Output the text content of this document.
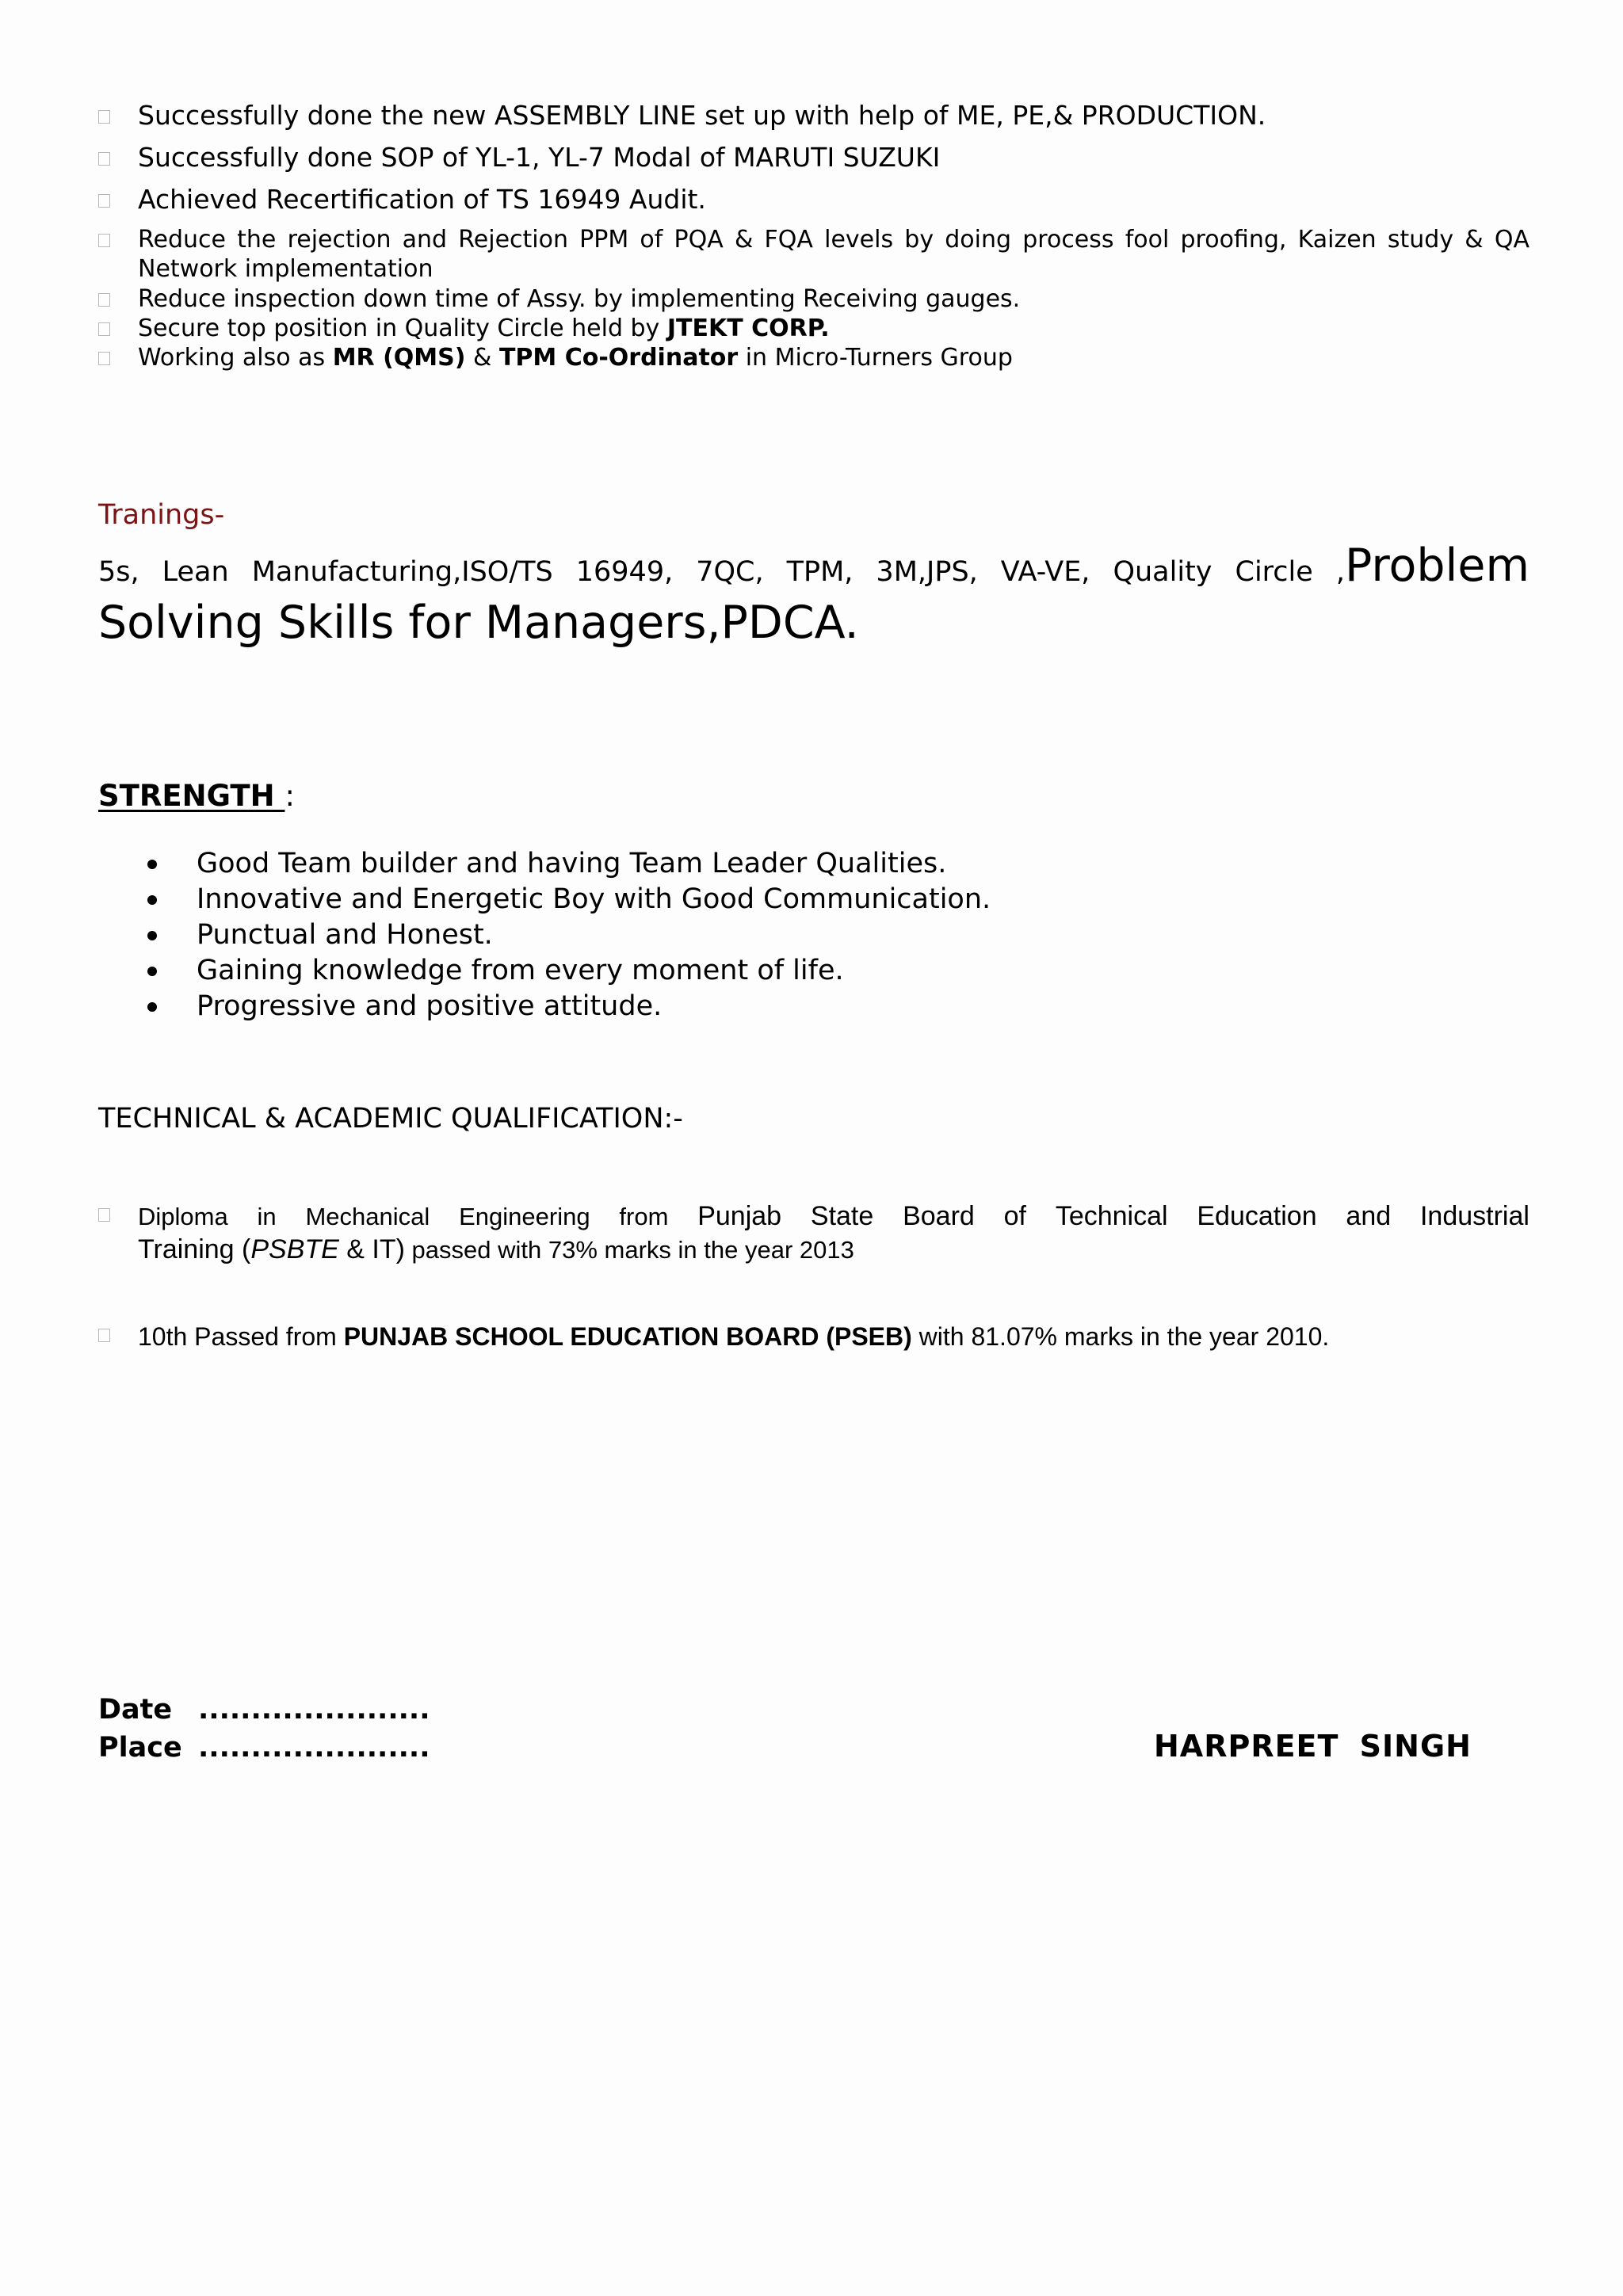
Successfully done the new ASSEMBLY LINE set up with help of ME, PE,& PRODUCTION.
Successfully done SOP of YL-1, YL-7 Modal of MARUTI SUZUKI
Achieved Recertification of TS 16949 Audit.
Reduce the rejection and Rejection PPM of PQA & FQA levels by doing process fool proofing, Kaizen study & QA Network implementation
Reduce inspection down time of Assy. by implementing Receiving gauges.
Secure top position in Quality Circle held by JTEKT CORP.
Working also as MR (QMS) & TPM Co-Ordinator in Micro-Turners Group
Tranings-
5s, Lean Manufacturing,ISO/TS 16949, 7QC, TPM, 3M,JPS, VA-VE, Quality Circle ,Problem
Solving Skills for Managers,PDCA.
STRENGTH :
Good Team builder and having Team Leader Qualities.
Innovative and Energetic Boy with Good Communication.
Punctual and Honest.
Gaining knowledge from every moment of life.
Progressive and positive attitude.
TECHNICAL & ACADEMIC QUALIFICATION:-
Diploma in Mechanical Engineering from Punjab State Board of Technical Education and Industrial
Training (PSBTE & IT) passed with 73% marks in the year 2013
10th Passed from PUNJAB SCHOOL EDUCATION BOARD (PSEB) with 81.07% marks in the year 2010.
Date ......................
Place ......................	HARPREET SINGH
